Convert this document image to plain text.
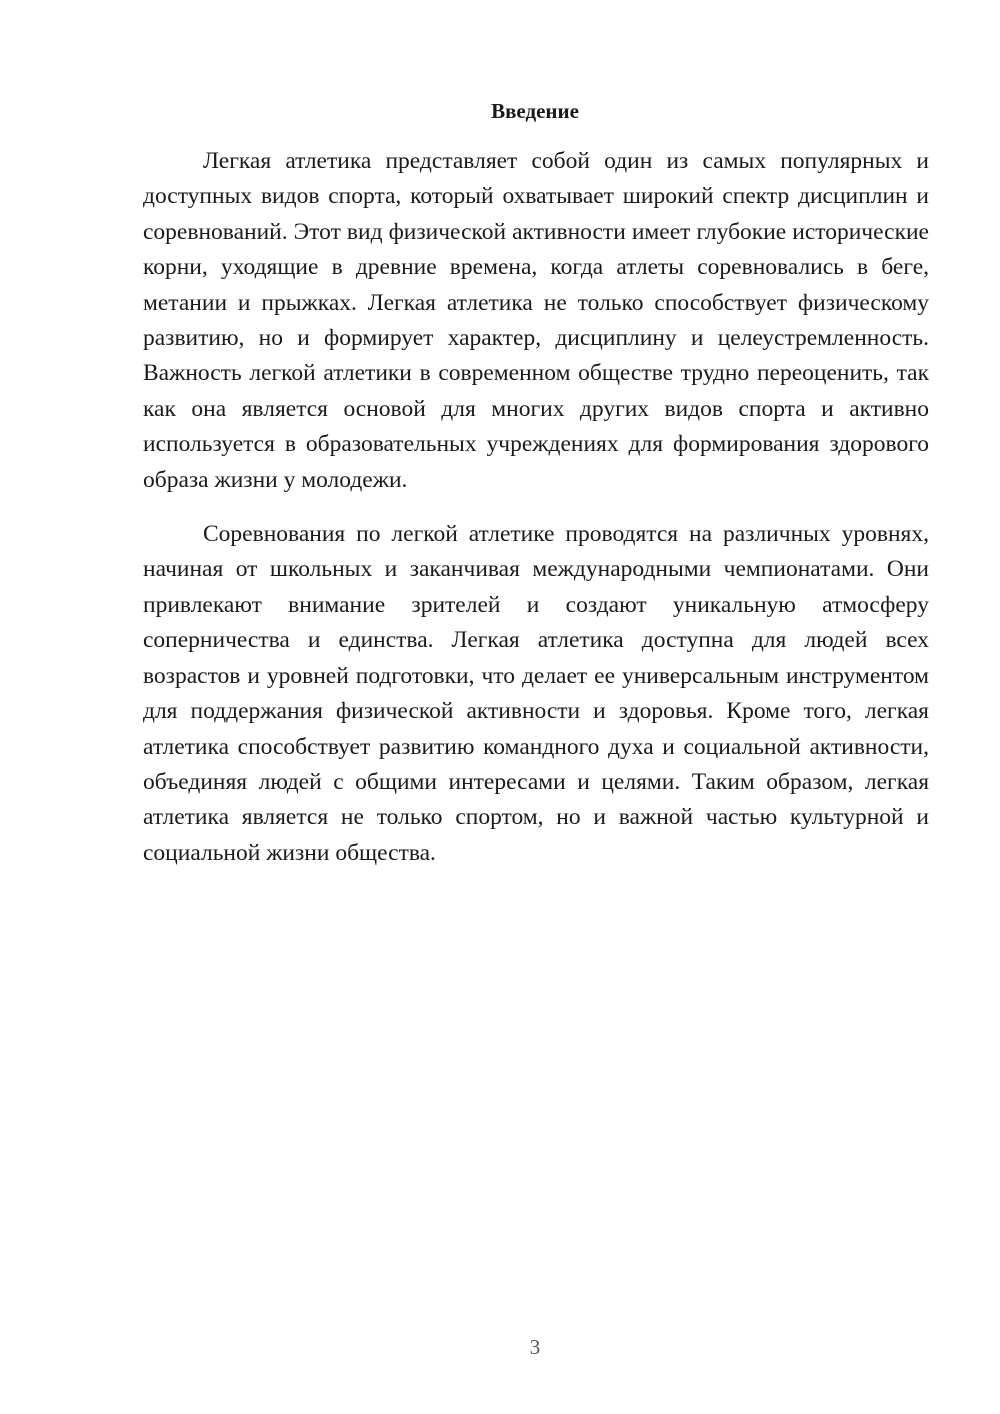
Введение

Легкая атлетика представляет собой один из самых популярных и доступных видов спорта, который охватывает широкий спектр дисциплин и соревнований. Этот вид физической активности имеет глубокие исторические корни, уходящие в древние времена, когда атлеты соревновались в беге, метании и прыжках. Легкая атлетика не только способствует физическому развитию, но и формирует характер, дисциплину и целеустремленность. Важность легкой атлетики в современном обществе трудно переоценить, так как она является основой для многих других видов спорта и активно используется в образовательных учреждениях для формирования здорового образа жизни у молодежи.

Соревнования по легкой атлетике проводятся на различных уровнях, начиная от школьных и заканчивая международными чемпионатами. Они привлекают внимание зрителей и создают уникальную атмосферу соперничества и единства. Легкая атлетика доступна для людей всех возрастов и уровней подготовки, что делает ее универсальным инструментом для поддержания физической активности и здоровья. Кроме того, легкая атлетика способствует развитию командного духа и социальной активности, объединяя людей с общими интересами и целями. Таким образом, легкая атлетика является не только спортом, но и важной частью культурной и социальной жизни общества.

3
